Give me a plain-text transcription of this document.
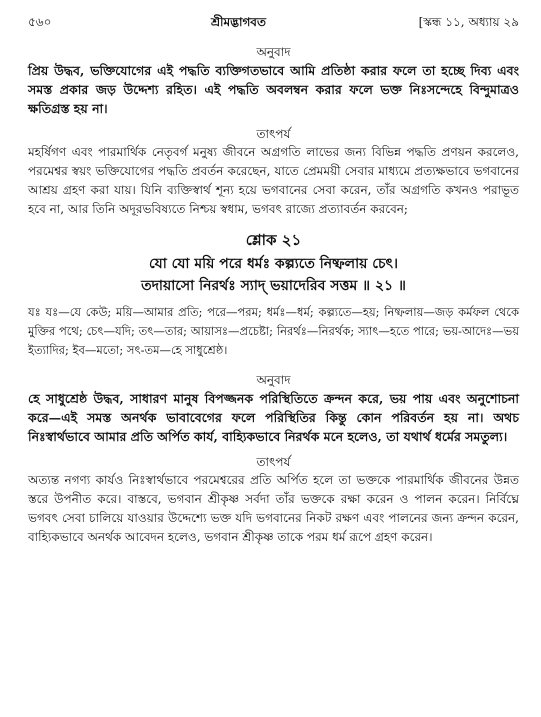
৫৬০	শ্রীমদ্ভাগবত	[স্কন্ধ ১১, অধ্যায় ২৯
অনুবাদ

প্রিয় উদ্ধব, ভক্তিযোগের এই পদ্ধতি ব্যক্তিগতভাবে আমি প্রতিষ্ঠা করার ফলে তা হচ্ছে দিব্য এবং সমস্ত প্রকার জড় উদ্দেশ্য রহিত। এই পদ্ধতি অবলম্বন করার ফলে ভক্ত নিঃসন্দেহে বিন্দুমাত্রও ক্ষতিগ্রস্ত হয় না।

তাৎপর্য

মহর্ষিগণ এবং পারমার্থিক নেতৃবর্গ মনুষ্য জীবনে অগ্রগতি লাভের জন্য বিভিন্ন পদ্ধতি প্রণয়ন করলেও, পরমেশ্বর স্বয়ং ভক্তিযোগের পদ্ধতি প্রবর্তন করেছেন, যাতে প্রেমময়ী সেবার মাধ্যমে প্রত্যক্ষভাবে ভগবানের আশ্রয় গ্রহণ করা যায়। যিনি ব্যক্তিস্বার্থ শূন্য হয়ে ভগবানের সেবা করেন, তাঁর অগ্রগতি কখনও পরাভূত হবে না, আর তিনি অদূরভবিষ্যতে নিশ্চয় স্বধাম, ভগবৎ রাজ্যে প্রত্যাবর্তন করবেন;

শ্লোক ২১
যো যো ময়ি পরে ধর্মঃ কল্প্যতে নিষ্ফলায় চেৎ।
তদায়াসো নিরর্থঃ স্যাদ্ ভয়াদেরিব সত্তম ॥ ২১ ॥

যঃ যঃ—যে কেউ; ময়ি—আমার প্রতি; পরে—পরম; ধর্মঃ—ধর্ম; কল্প্যতে—হয়; নিষ্ফলায়—জড় কর্মফল থেকে মুক্তির পথে; চেৎ—যদি; তৎ—তার; আয়াসঃ—প্রচেষ্টা; নিরর্থঃ—নিরর্থক; স্যাৎ—হতে পারে; ভয়-আদেঃ—ভয় ইত্যাদির; ইব—মতো; সৎ-তম—হে সাধুশ্রেষ্ঠ।

অনুবাদ

হে সাধুশ্রেষ্ঠ উদ্ধব, সাধারণ মানুষ বিপজ্জনক পরিস্থিতিতে ক্রন্দন করে, ভয় পায় এবং অনুশোচনা করে—এই সমস্ত অনর্থক ভাবাবেগের ফলে পরিস্থিতির কিন্তু কোন পরিবর্তন হয় না। অথচ নিঃস্বার্থভাবে আমার প্রতি অর্পিত কার্য, বাহ্যিকভাবে নিরর্থক মনে হলেও, তা যথার্থ ধর্মের সমতুল্য।

তাৎপর্য

অত্যন্ত নগণ্য কার্যও নিঃস্বার্থভাবে পরমেশ্বরের প্রতি অর্পিত হলে তা ভক্তকে পারমার্থিক জীবনের উন্নত স্তরে উপনীত করে। বাস্তবে, ভগবান শ্রীকৃষ্ণ সর্বদা তাঁর ভক্তকে রক্ষা করেন ও পালন করেন। নির্বিঘ্নে ভগবৎ সেবা চালিয়ে যাওয়ার উদ্দেশ্যে ভক্ত যদি ভগবানের নিকট রক্ষণ এবং পালনের জন্য ক্রন্দন করেন, বাহ্যিকভাবে অনর্থক আবেদন হলেও, ভগবান শ্রীকৃষ্ণ তাকে পরম ধর্ম রূপে গ্রহণ করেন।
